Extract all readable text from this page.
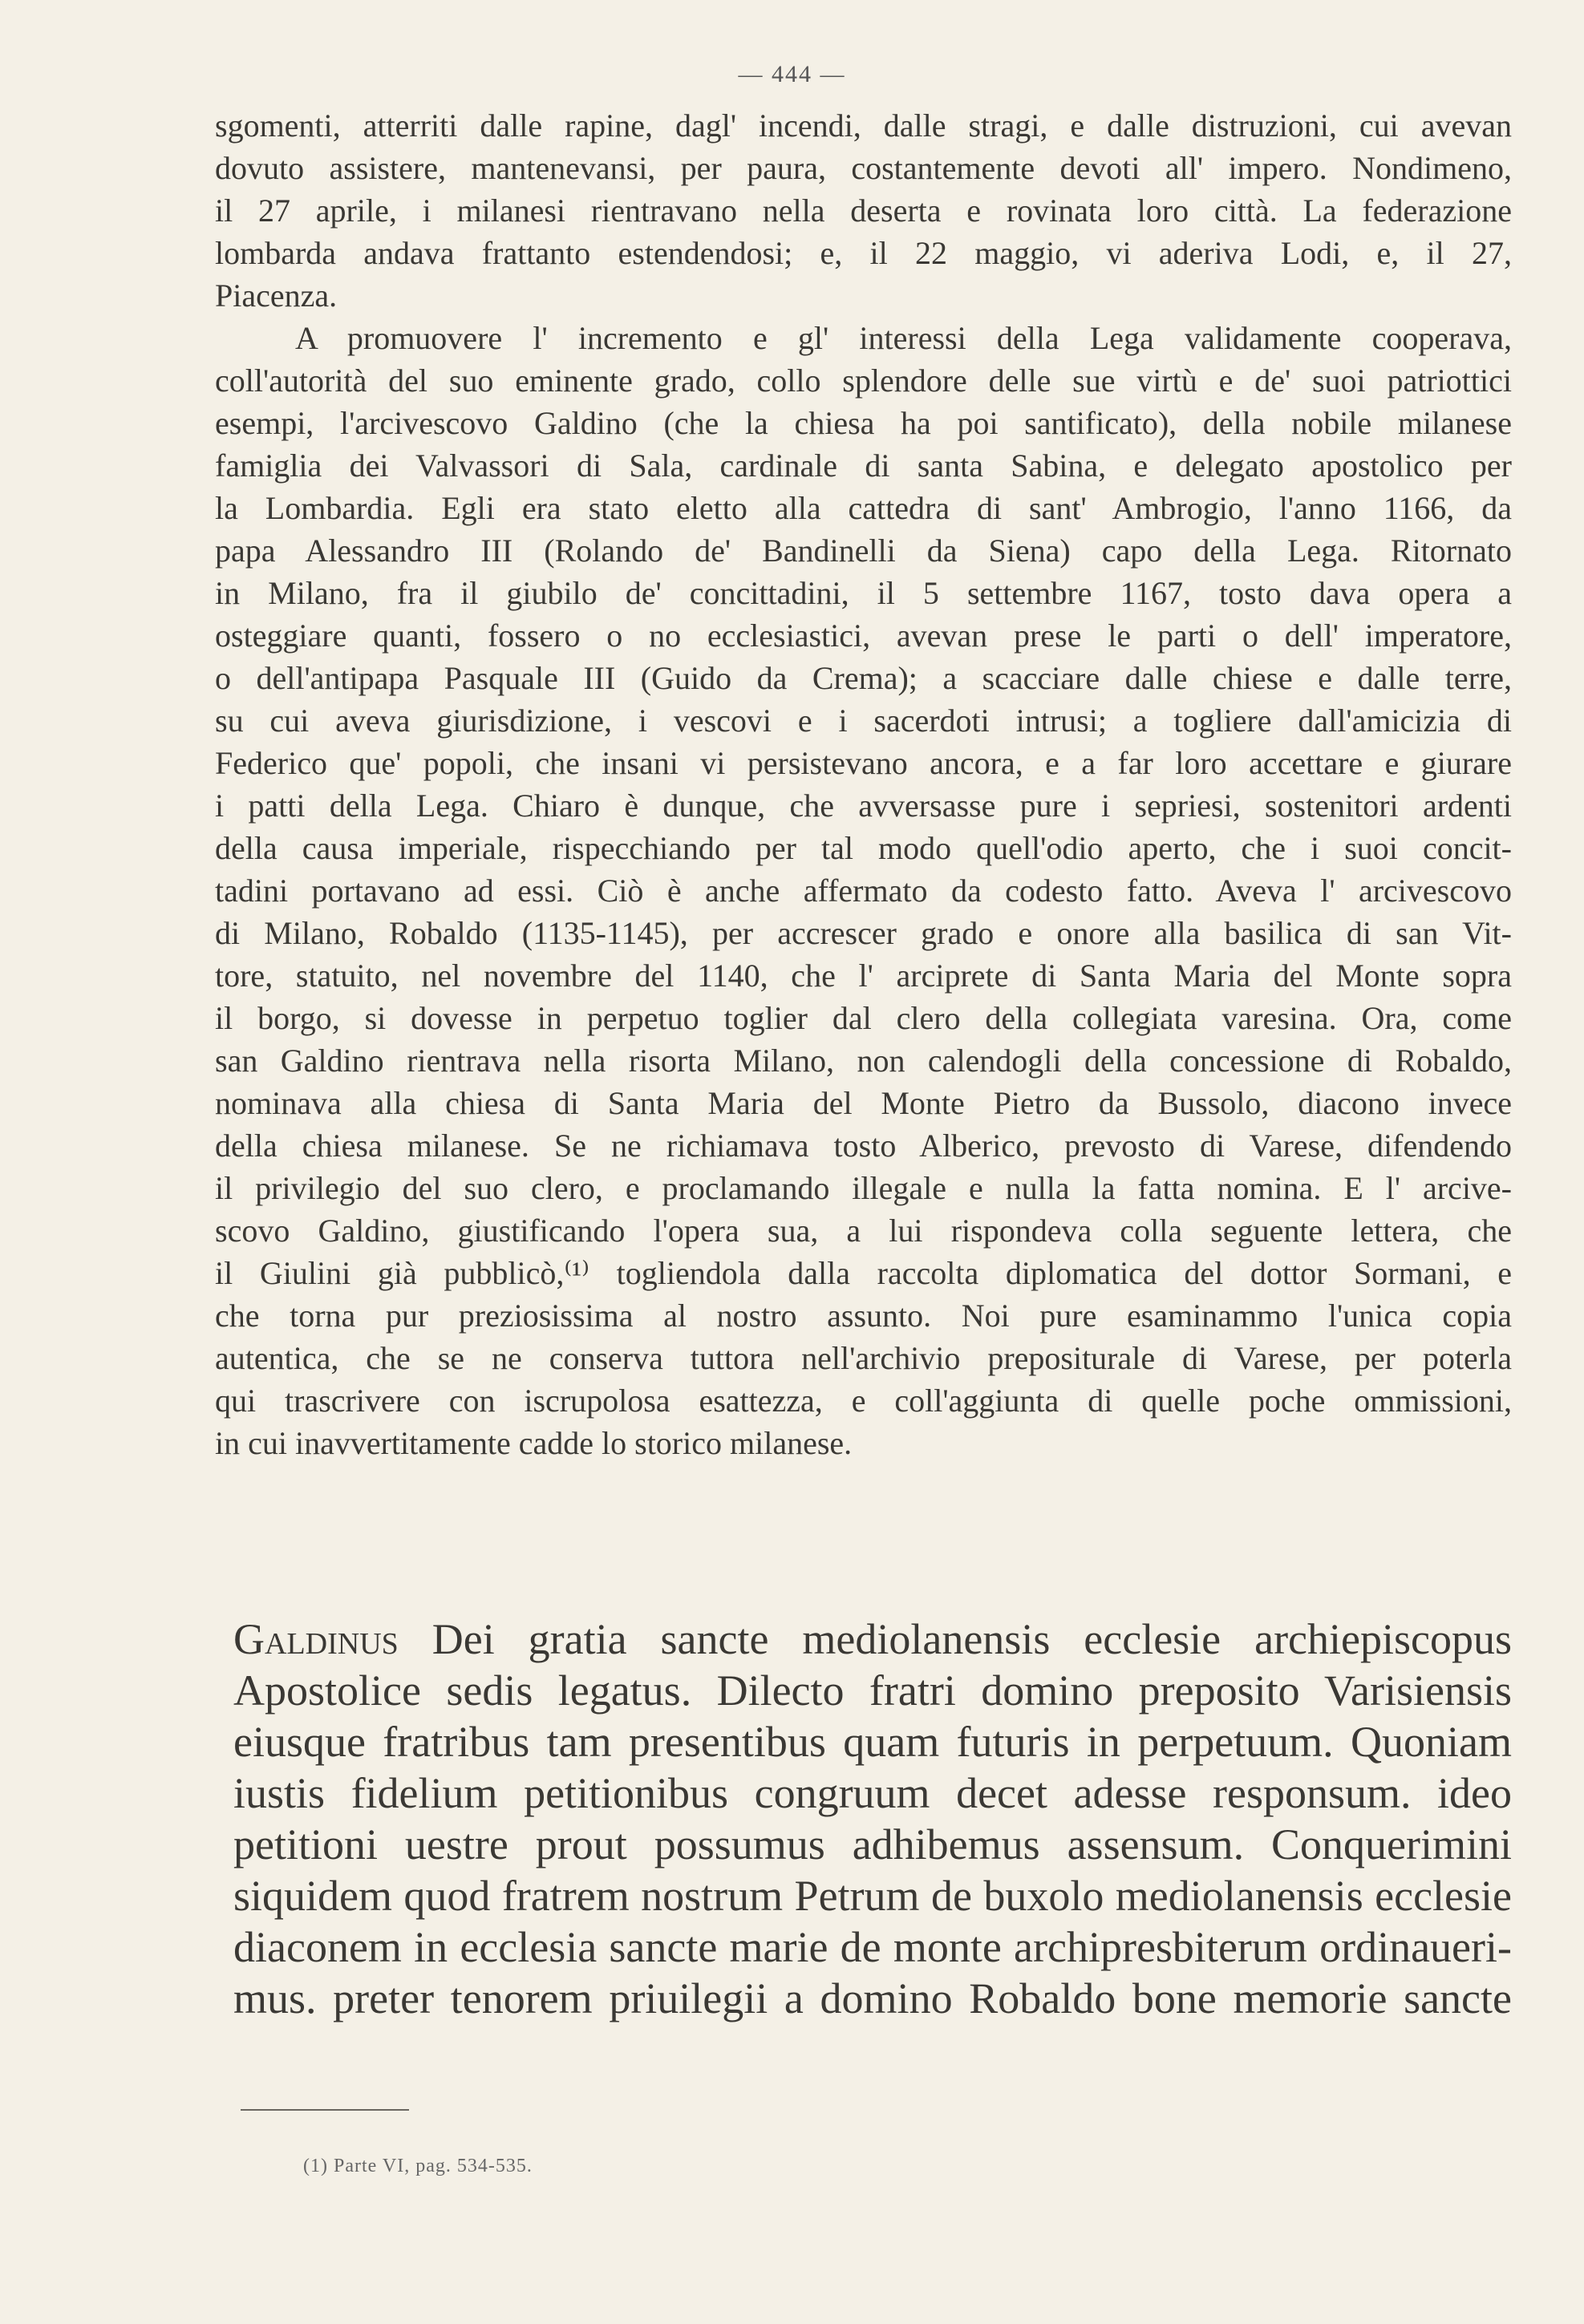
— 444 —
sgomenti, atterriti dalle rapine, dagl' incendi, dalle stragi, e dalle distruzioni, cui avevan
dovuto assistere, mantenevansi, per paura, costantemente devoti all' impero. Nondimeno,
il 27 aprile, i milanesi rientravano nella deserta e rovinata loro città. La federazione
lombarda andava frattanto estendendosi; e, il 22 maggio, vi aderiva Lodi, e, il 27,
Piacenza.
A promuovere l' incremento e gl' interessi della Lega validamente cooperava,
coll'autorità del suo eminente grado, collo splendore delle sue virtù e de' suoi patriottici
esempi, l'arcivescovo Galdino (che la chiesa ha poi santificato), della nobile milanese
famiglia dei Valvassori di Sala, cardinale di santa Sabina, e delegato apostolico per
la Lombardia. Egli era stato eletto alla cattedra di sant' Ambrogio, l'anno 1166, da
papa Alessandro III (Rolando de' Bandinelli da Siena) capo della Lega. Ritornato
in Milano, fra il giubilo de' concittadini, il 5 settembre 1167, tosto dava opera a
osteggiare quanti, fossero o no ecclesiastici, avevan prese le parti o dell' imperatore,
o dell'antipapa Pasquale III (Guido da Crema); a scacciare dalle chiese e dalle terre,
su cui aveva giurisdizione, i vescovi e i sacerdoti intrusi; a togliere dall'amicizia di
Federico que' popoli, che insani vi persistevano ancora, e a far loro accettare e giurare
i patti della Lega. Chiaro è dunque, che avversasse pure i sepriesi, sostenitori ardenti
della causa imperiale, rispecchiando per tal modo quell'odio aperto, che i suoi concit-
tadini portavano ad essi. Ciò è anche affermato da codesto fatto. Aveva l' arcivescovo
di Milano, Robaldo (1135-1145), per accrescer grado e onore alla basilica di san Vit-
tore, statuito, nel novembre del 1140, che l' arciprete di Santa Maria del Monte sopra
il borgo, si dovesse in perpetuo toglier dal clero della collegiata varesina. Ora, come
san Galdino rientrava nella risorta Milano, non calendogli della concessione di Robaldo,
nominava alla chiesa di Santa Maria del Monte Pietro da Bussolo, diacono invece
della chiesa milanese. Se ne richiamava tosto Alberico, prevosto di Varese, difendendo
il privilegio del suo clero, e proclamando illegale e nulla la fatta nomina. E l' arcive-
scovo Galdino, giustificando l'opera sua, a lui rispondeva colla seguente lettera, che
il Giulini già pubblicò,⁽¹⁾ togliendola dalla raccolta diplomatica del dottor Sormani, e
che torna pur preziosissima al nostro assunto. Noi pure esaminammo l'unica copia
autentica, che se ne conserva tuttora nell'archivio prepositurale di Varese, per poterla
qui trascrivere con iscrupolosa esattezza, e coll'aggiunta di quelle poche ommissioni,
in cui inavvertitamente cadde lo storico milanese.
Galdinus Dei gratia sancte mediolanensis ecclesie archiepiscopus
Apostolice sedis legatus. Dilecto fratri domino preposito Varisiensis
eiusque fratribus tam presentibus quam futuris in perpetuum. Quoniam
iustis fidelium petitionibus congruum decet adesse responsum. ideo
petitioni uestre prout possumus adhibemus assensum. Conquerimini
siquidem quod fratrem nostrum Petrum de buxolo mediolanensis ecclesie
diaconem in ecclesia sancte marie de monte archipresbiterum ordinaueri-
mus. preter tenorem priuilegii a domino Robaldo bone memorie sancte
(1) Parte VI, pag. 534-535.
